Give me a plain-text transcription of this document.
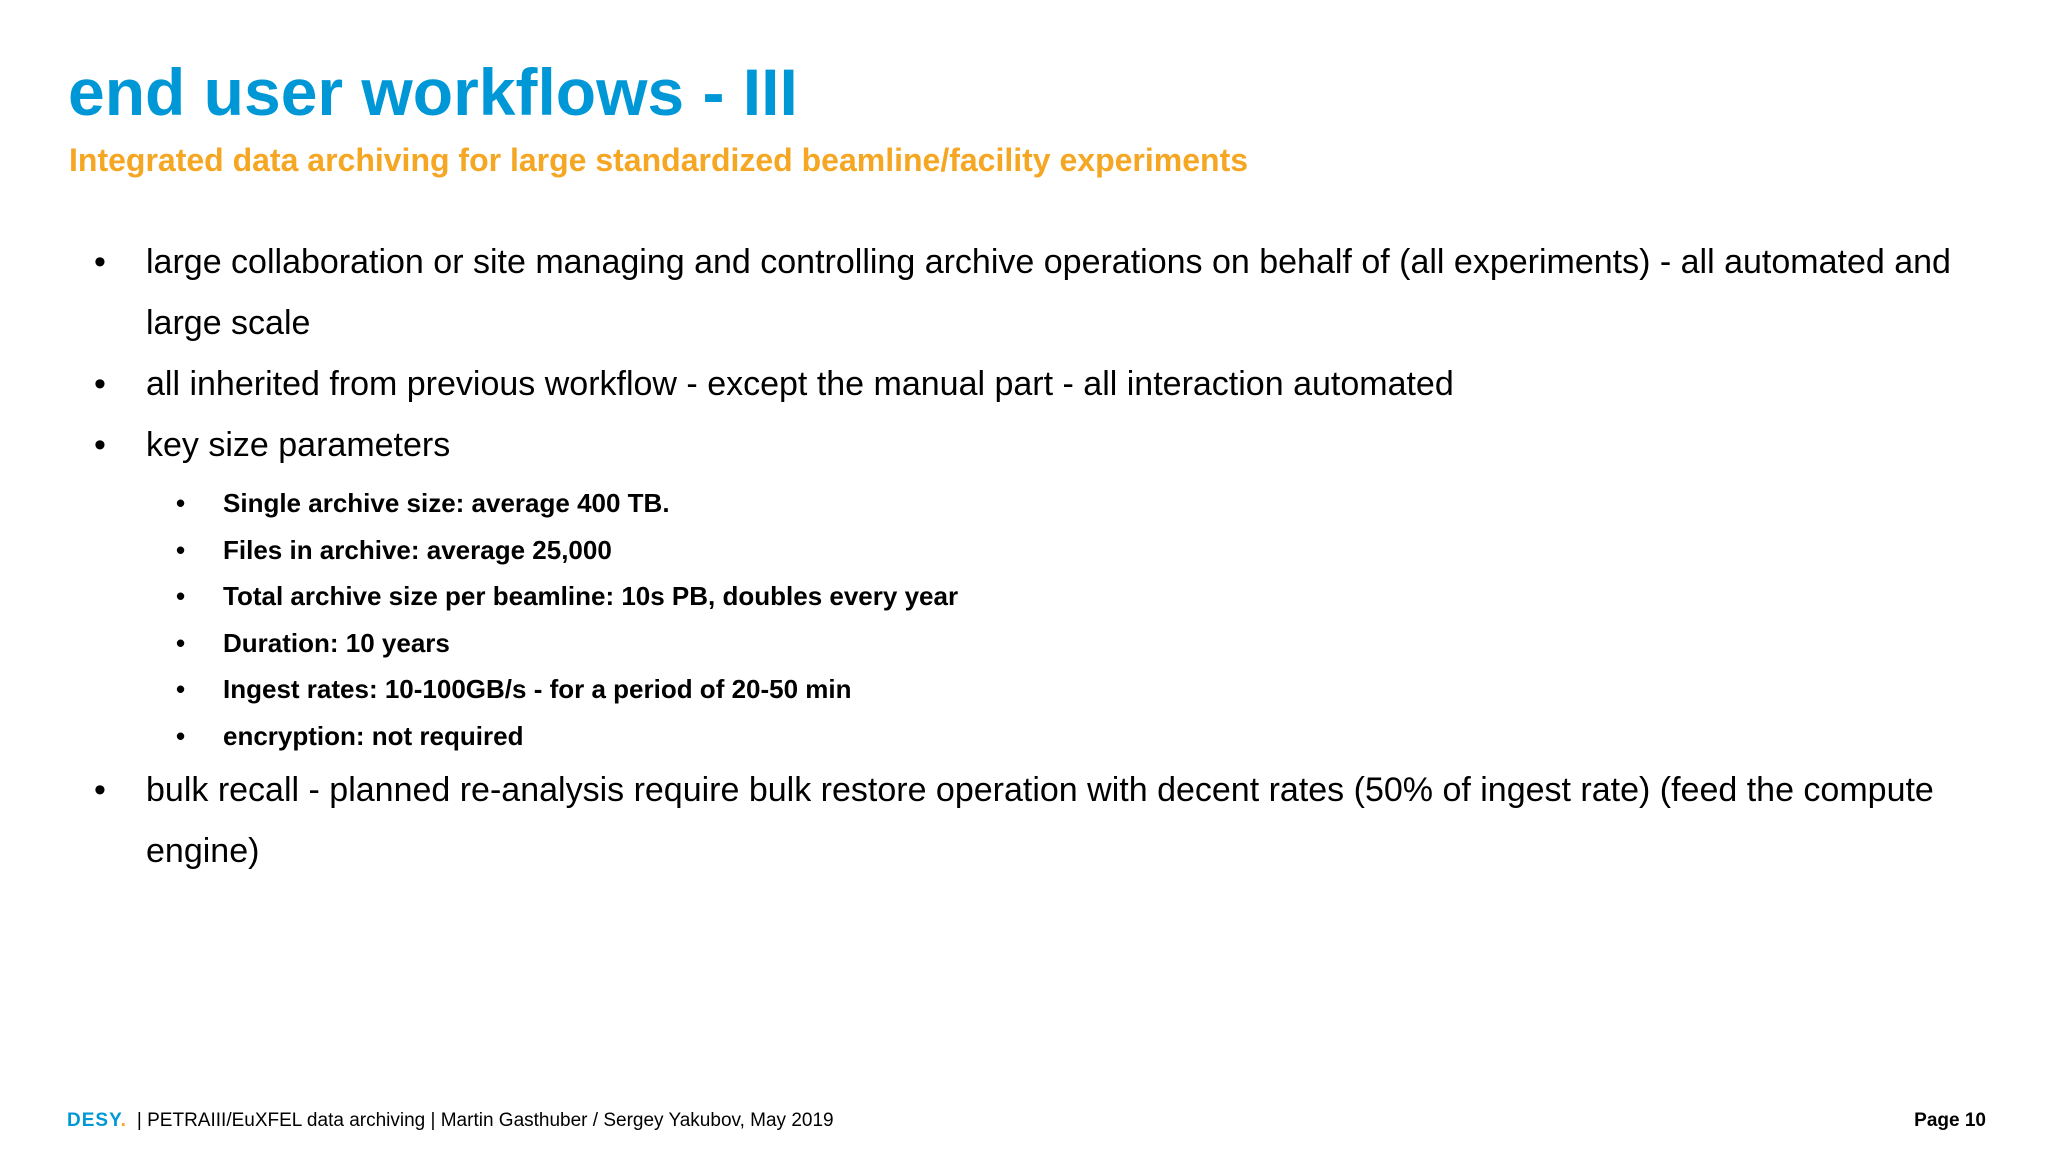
end user workflows - III
Integrated data archiving for large standardized beamline/facility experiments
• large collaboration or site managing and controlling archive operations on behalf of (all experiments) - all automated and large scale
• all inherited from previous workflow - except the manual part - all interaction automated
• key size parameters
• Single archive size: average 400 TB.
• Files in archive: average 25,000
• Total archive size per beamline: 10s PB, doubles every year
• Duration: 10 years
• Ingest rates: 10-100GB/s - for a period of 20-50 min
• encryption: not required
• bulk recall - planned re-analysis require bulk restore operation with decent rates (50% of ingest rate) (feed the compute engine)
DESY. | PETRAIII/EuXFEL data archiving | Martin Gasthuber / Sergey Yakubov, May 2019	Page 10
